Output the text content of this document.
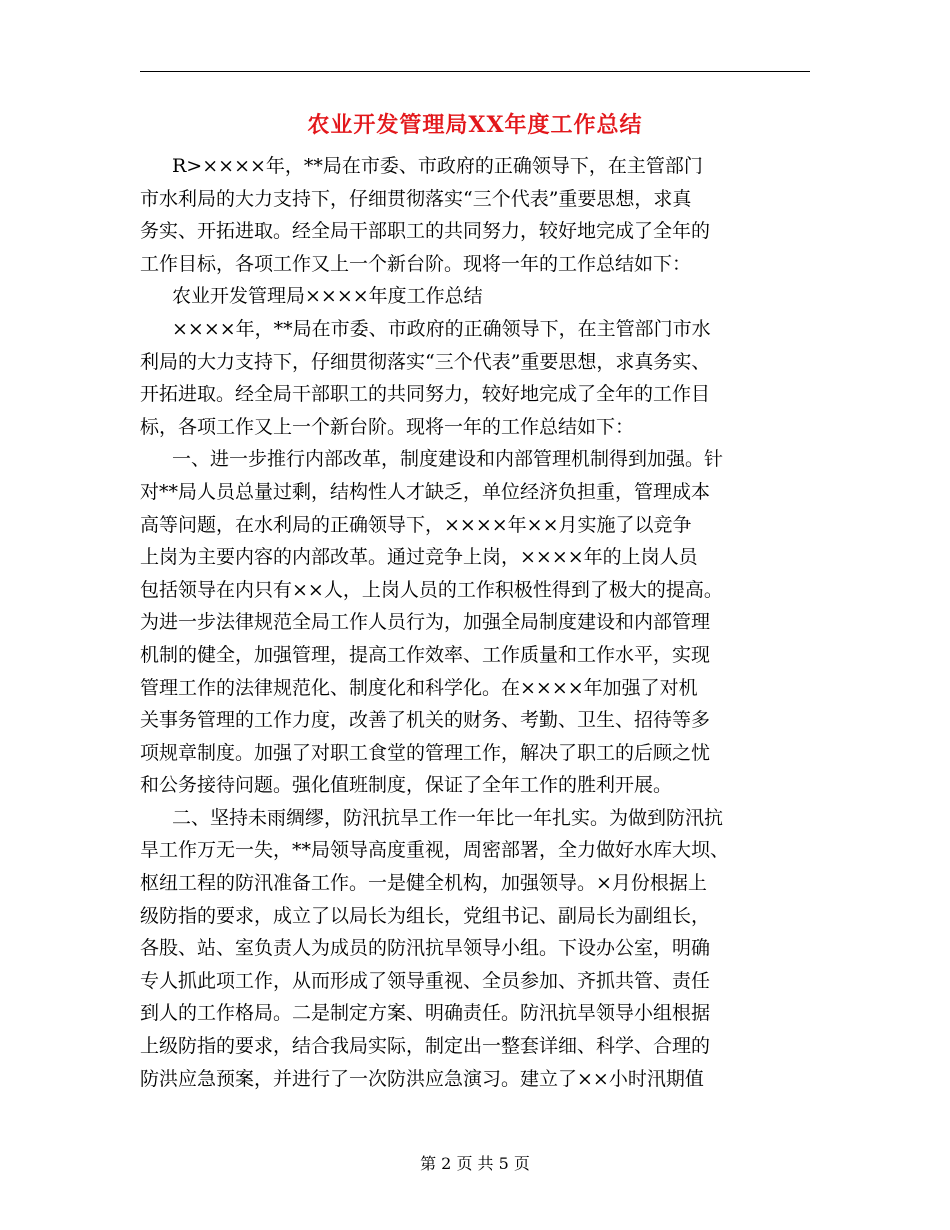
农业开发管理局XX年度工作总结
R>××××年，**局在市委、市政府的正确领导下，在主管部门
市水利局的大力支持下，仔细贯彻落实“三个代表”重要思想，求真
务实、开拓进取。经全局干部职工的共同努力，较好地完成了全年的
工作目标，各项工作又上一个新台阶。现将一年的工作总结如下：
农业开发管理局××××年度工作总结
××××年，**局在市委、市政府的正确领导下，在主管部门市水
利局的大力支持下，仔细贯彻落实“三个代表”重要思想，求真务实、
开拓进取。经全局干部职工的共同努力，较好地完成了全年的工作目
标，各项工作又上一个新台阶。现将一年的工作总结如下：
一、进一步推行内部改革，制度建设和内部管理机制得到加强。针
对**局人员总量过剩，结构性人才缺乏，单位经济负担重，管理成本
高等问题，在水利局的正确领导下，××××年××月实施了以竞争
上岗为主要内容的内部改革。通过竞争上岗，××××年的上岗人员
包括领导在内只有××人，上岗人员的工作积极性得到了极大的提高。
为进一步法律规范全局工作人员行为，加强全局制度建设和内部管理
机制的健全，加强管理，提高工作效率、工作质量和工作水平，实现
管理工作的法律规范化、制度化和科学化。在××××年加强了对机
关事务管理的工作力度，改善了机关的财务、考勤、卫生、招待等多
项规章制度。加强了对职工食堂的管理工作，解决了职工的后顾之忧
和公务接待问题。强化值班制度，保证了全年工作的胜利开展。
二、坚持未雨绸缪，防汛抗旱工作一年比一年扎实。为做到防汛抗
旱工作万无一失，**局领导高度重视，周密部署，全力做好水库大坝、
枢纽工程的防汛准备工作。一是健全机构，加强领导。×月份根据上
级防指的要求，成立了以局长为组长，党组书记、副局长为副组长，
各股、站、室负责人为成员的防汛抗旱领导小组。下设办公室，明确
专人抓此项工作，从而形成了领导重视、全员参加、齐抓共管、责任
到人的工作格局。二是制定方案、明确责任。防汛抗旱领导小组根据
上级防指的要求，结合我局实际，制定出一整套详细、科学、合理的
防洪应急预案，并进行了一次防洪应急演习。建立了××小时汛期值
第 2 页 共 5 页
